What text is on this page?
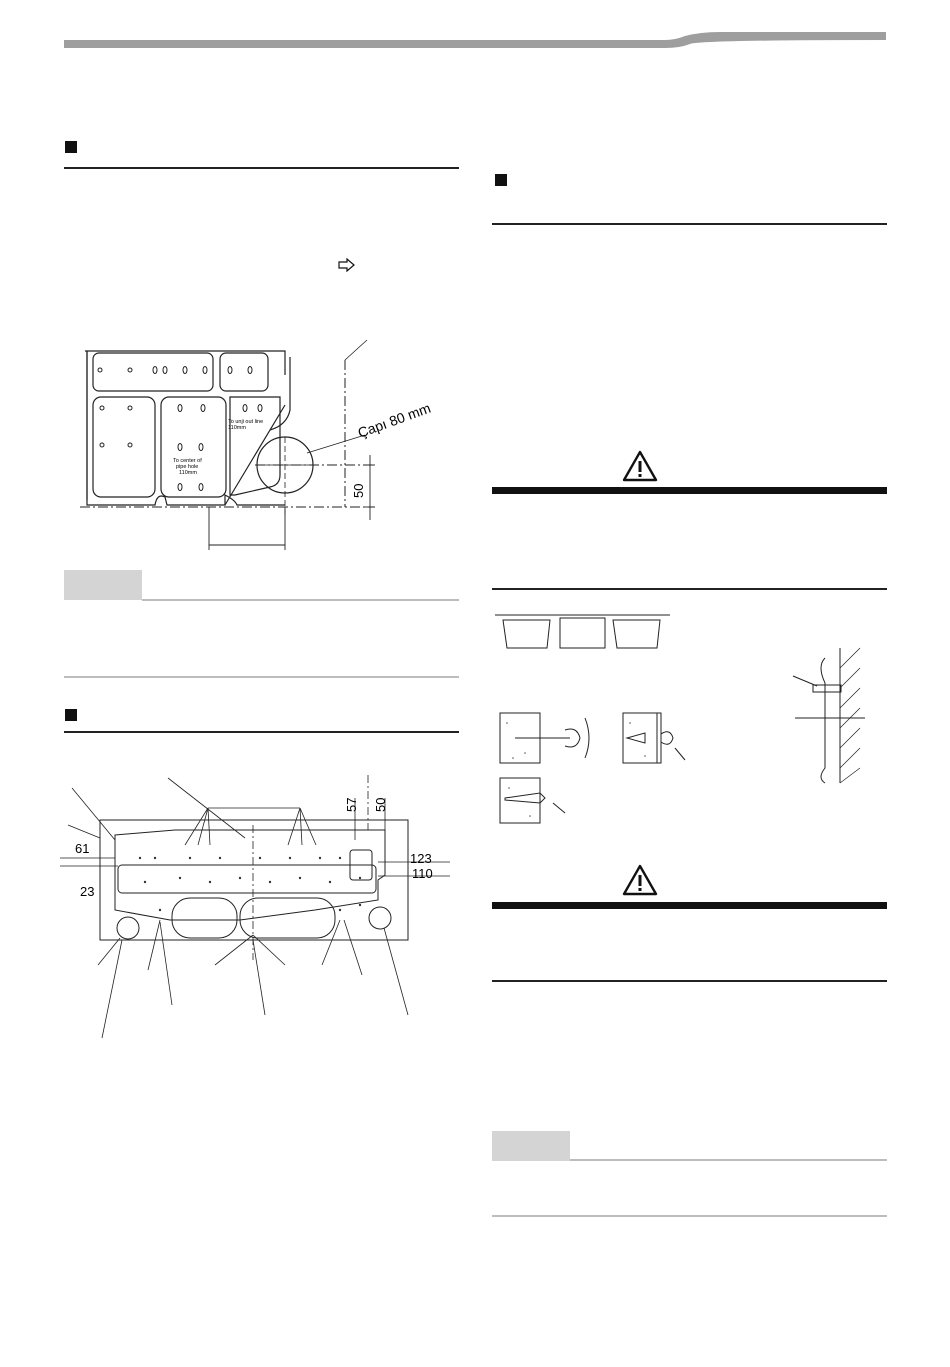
To unji out line
110mm
To center of
pipe hole
110mm
Çapı 80 mm
50
61
23
123
110
57 50
